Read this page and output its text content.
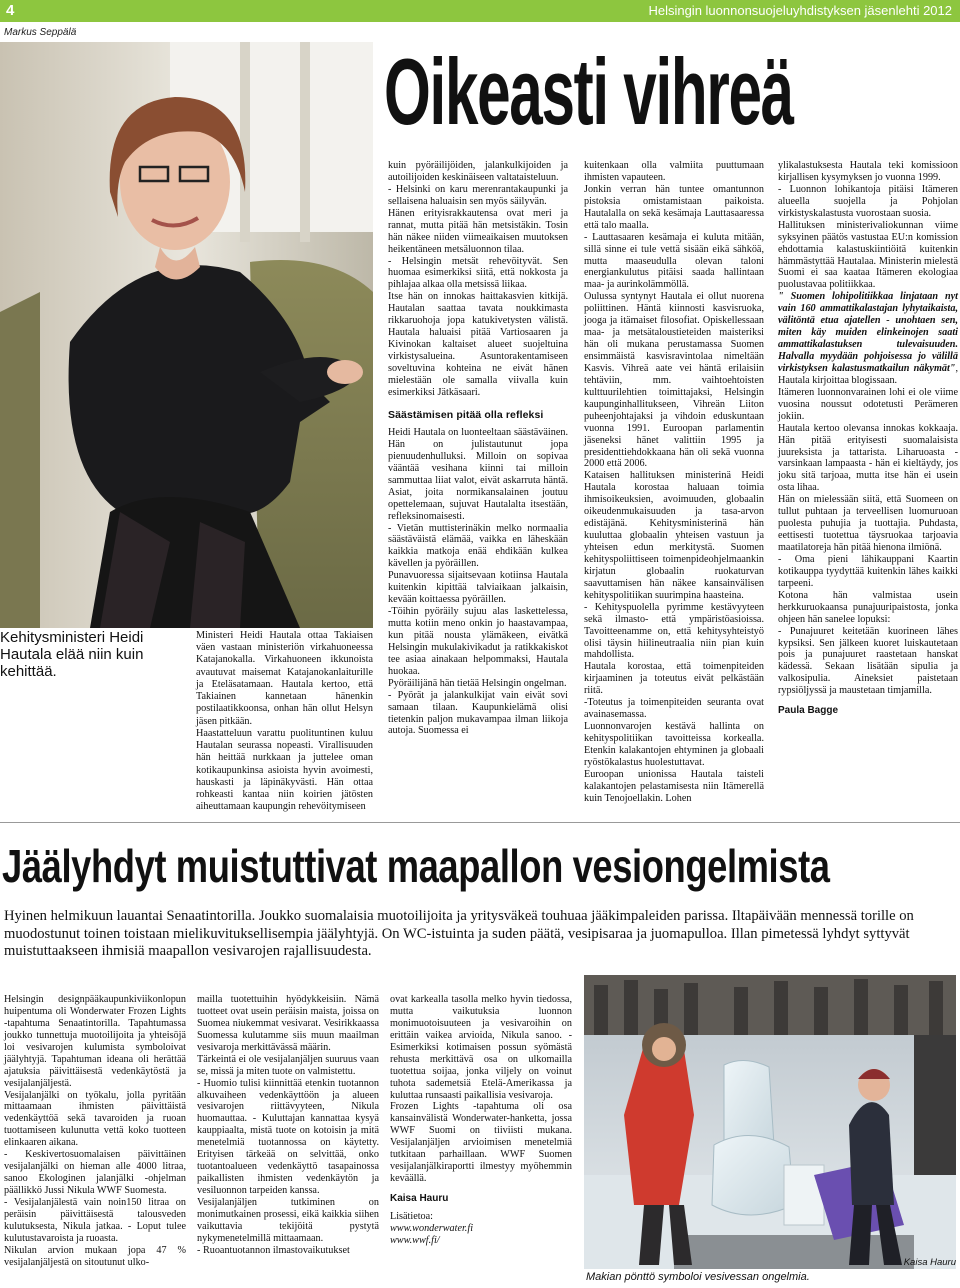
4	Helsingin luonnonsuojeluyhdistyksen jäsenlehti 2012
Markus Seppälä
Kehitysministeri Heidi Hautala elää niin kuin kehittää.
Ministeri Heidi Hautala ottaa Takiaisen väen vastaan ministeriön virkahuoneessa Katajanokalla. Virkahuoneen ikkunoista avautuvat maisemat Katajanokanlaiturille ja Eteläsatamaan. Hautala kertoo, että Takiainen kannetaan hänenkin postilaatikkoonsa, onhan hän ollut Helsyn jäsen pitkään.
Haastatteluun varattu puolituntinen kuluu Hautalan seurassa nopeasti. Virallisuuden hän heittää nurkkaan ja juttelee oman kotikaupunkinsa asioista hyvin avoimesti, hauskasti ja läpinäkyvästi. Hän ottaa rohkeasti kantaa niin koirien jätösten aiheuttamaan kaupungin rehevöitymiseen
Oikeasti vihreä

kuin pyöräilijöiden, jalankulkijoiden ja autoilijoiden keskinäiseen valtataisteluun.

- Helsinki on karu merenrantakaupunki ja sellaisena haluaisin sen myös säilyvän.

Hänen erityisrakkautensa ovat meri ja rannat, mutta pitää hän metsistäkin. Tosin hän näkee niiden viimeaikaisen muutoksen heikentäneen metsäluonnon tilaa.

- Helsingin metsät rehevöityvät. Sen huomaa esimerkiksi siitä, että nokkosta ja pihlajaa alkaa olla metsissä liikaa.

Itse hän on innokas haittakasvien kitkijä. Hautalan saattaa tavata noukkimasta rikkaruohoja jopa katukivetysten välistä. Hautala haluaisi pitää Vartiosaaren ja Kivinokan kaltaiset alueet suojeltuina virkistysalueina. Asuntorakentamiseen soveltuvina kohteina ne eivät hänen mielestään ole samalla viivalla kuin esimerkiksi Jätkäsaari.

Säästämisen pitää olla refleksi

Heidi Hautala on luonteeltaan säästäväinen. Hän on julistautunut jopa pienuudenhulluksi. Milloin on sopivaa vääntää vesihana kiinni tai milloin sammuttaa liiat valot, eivät askarruta häntä. Asiat, joita normikansalainen joutuu opettelemaan, sujuvat Hautalalta itsestään, refleksinomaisesti.

- Vietän muttisterinäkin melko normaalia säästäväistä elämää, vaikka en läheskään kaikkia matkoja enää ehdikään kulkea kävellen ja pyöräillen.

Punavuoressa sijaitsevaan kotiinsa Hautala kuitenkin kipittää talviaikaan jalkaisin, kevään koittaessa pyöräillen.

-Töihin pyöräily sujuu alas laskettelessa, mutta kotiin meno onkin jo haastavampaa, kun pitää nousta ylämäkeen, eivätkä Helsingin mukulakivikadut ja ratikkakiskot tee asiaa ainakaan helpommaksi, Hautala huokaa.

Pyöräilijänä hän tietää Helsingin ongelman.

- Pyörät ja jalankulkijat vain eivät sovi samaan tilaan. Kaupunkielämä olisi tietenkin paljon mukavampaa ilman liikoja autoja. Suomessa ei

kuitenkaan olla valmiita puuttumaan ihmisten vapauteen.

Jonkin verran hän tuntee omantunnon pistoksia omistamistaan paikoista. Hautalalla on sekä kesämaja Lauttasaaressa että talo maalla.

- Lauttasaaren kesämaja ei kuluta mitään, sillä sinne ei tule vettä sisään eikä sähköä, mutta maaseudulla olevan taloni energiankulutus pitäisi saada hallintaan maa- ja aurinkolämmöllä.

Oulussa syntynyt Hautala ei ollut nuorena poliittinen. Häntä kiinnosti kasvisruoka, jooga ja itämaiset filosofiat. Opiskellessaan maa- ja metsätaloustieteiden maisteriksi hän oli mukana perustamassa Suomen ensimmäistä kasvisravintolaa nimeltään Kasvis. Vihreä aate vei häntä erilaisiin tehtäviin, mm. vaihtoehtoisten kulttuurilehtien toimittajaksi, Helsingin kaupunginhallitukseen, Vihreän Liiton puheenjohtajaksi ja vihdoin eduskuntaan vuonna 1991. Euroopan parlamentin jäseneksi hänet valittiin 1995 ja presidenttiehdokkaana hän oli sekä vuonna 2000 että 2006.

Kataisen hallituksen ministerinä Heidi Hautala korostaa haluaan toimia ihmisoikeuksien, avoimuuden, globaalin oikeudenmukaisuuden ja tasa-arvon edistäjänä. Kehitysministerinä hän kuuluttaa globaalin yhteisen vastuun ja yhteisen edun merkitystä. Suomen kehityspoliittiseen toimenpideohjelmaankin kirjatun globaalin ruokaturvan saavuttamisen hän näkee kansainvälisen kehityspolitiikan suurimpina haasteina.

- Kehityspuolella pyrimme kestävyyteen sekä ilmasto- että ympäristöasioissa. Tavoitteenamme on, että kehitysyhteistyö olisi täysin hiilineutraalia niin pian kuin mahdollista.

Hautala korostaa, että toimenpiteiden kirjaaminen ja toteutus eivät pelkästään riitä.

-Toteutus ja toimenpiteiden seuranta ovat avainasemassa.

Luonnonvarojen kestävä hallinta on kehityspolitiikan tavoitteissa korkealla. Etenkin kalakantojen ehtyminen ja globaali ryöstökalastus huolestuttavat.

Euroopan unionissa Hautala taisteli kalakantojen pelastamisesta niin Itämerellä kuin Tenojoellakin. Lohen

ylikalastuksesta Hautala teki komissioon kirjallisen kysymyksen jo vuonna 1999.

- Luonnon lohikantoja pitäisi Itämeren alueella suojella ja Pohjolan virkistyskalastusta vuorostaan suosia.

Hallituksen ministerivaliokunnan viime syksyinen päätös vastustaa EU:n komission ehdottamia kalastuskiintiöitä kuitenkin hämmästyttää Hautalaa. Ministerin mielestä Suomi ei saa kaataa Itämeren ekologiaa puolustavaa politiikkaa.

" Suomen lohipolitiikkaa linjataan nyt vain 160 ammattikalastajan lyhytaikaista, välitöntä etua ajatellen - unohtaen sen, miten käy muiden elinkeinojen saati ammattikalastuksen tulevaisuuden. Halvalla myydään pohjoisessa jo välillä virkistyksen kalastusmatkailun näkymät", Hautala kirjoittaa blogissaan.

Itämeren luonnonvarainen lohi ei ole viime vuosina noussut odotetusti Perämeren jokiin.

Hautala kertoo olevansa innokas kokkaaja. Hän pitää erityisesti suomalaisista juureksista ja tattarista. Liharuoasta - varsinkaan lampaasta - hän ei kieltäydy, jos joku sitä tarjoaa, mutta itse hän ei usein osta lihaa.

Hän on mielessään siitä, että Suomeen on tullut puhtaan ja terveellisen luomuruoan puolesta puhujia ja tuottajia. Puhdasta, eettisesti tuotettua täysruokaa tarjoavia maatilatoreja hän pitää hienona ilmiönä.

- Oma pieni lähikauppani Kaartin kotikauppa tyydyttää kuitenkin lähes kaikki tarpeeni.

Kotona hän valmistaa usein herkkuruokaansa punajuuripaistosta, jonka ohjeen hän sanelee lopuksi:

- Punajuuret keitetään kuorineen lähes kypsiksi. Sen jälkeen kuoret luiskautetaan pois ja punajuuret raastetaan hanskat kädessä. Sekaan lisätään sipulia ja valkosipulia. Aineksiet paistetaan rypsiöljyssä ja maustetaan timjamilla.

Paula Bagge
Jäälyhdyt muistuttivat maapallon vesiongelmista
Hyinen helmikuun lauantai Senaatintorilla. Joukko suomalaisia muotoilijoita ja yritysväkeä touhuaa jääkimpaleiden parissa. Iltapäivään mennessä torille on muodostunut toinen toistaan mielikuvituksellisempia jäälyhtyjä. On WC-istuinta ja suden päätä, vesipisaraa ja juomapulloa. Illan pimetessä lyhdyt syttyvät muistuttaakseen ihmisiä maapallon vesivarojen rajallisuudesta.

Helsingin designpääkaupunkiviikonlopun huipentuma oli Wonderwater Frozen Lights -tapahtuma Senaatintorilla. Tapahtumassa joukko tunnettuja muotoilijoita ja yhteisöjä loi vesivarojen kulumista symboloivat jäälyhtyjä. Tapahtuman ideana oli herättää ajatuksia päivittäisestä vedenkäytöstä ja vesijalanjäljestä.

Vesijalanjälki on työkalu, jolla pyritään mittaamaan ihmisten päivittäistä vedenkäyttöä sekä tavaroiden ja ruoan tuottamiseen kulunutta vettä koko tuotteen elinkaaren aikana.

- Keskivertosuomalaisen päivittäinen vesijalanjälki on hieman alle 4000 litraa, sanoo Ekologinen jalanjälki -ohjelman päällikkö Jussi Nikula WWF Suomesta.

- Vesijalanjälestä vain noin150 litraa on peräisin päivittäisestä talousveden kulutuksesta, Nikula jatkaa. - Loput tulee kulutustavaroista ja ruoasta.

Nikulan arvion mukaan jopa 47 % vesijalanjäljestä on sitoutunut ulko-

mailla tuotettuihin hyödykkeisiin. Nämä tuotteet ovat usein peräisin maista, joissa on Suomea niukemmat vesivarat. Vesirikkaassa Suomessa kulutamme siis muun maailman vesivaroja merkittävässä määrin.

Tärkeintä ei ole vesijalanjäljen suuruus vaan se, missä ja miten tuote on valmistettu.

- Huomio tulisi kiinnittää etenkin tuotannon alkuvaiheen vedenkäyttöön ja alueen vesivarojen riittävyyteen, Nikula huomauttaa. - Kuluttajan kannattaa kysyä kauppiaalta, mistä tuote on kotoisin ja mitä menetelmiä tuotannossa on käytetty. Erityisen tärkeää on selvittää, onko tuotantoalueen vedenkäyttö tasapainossa paikallisten ihmisten vedenkäytön ja vesiluonnon tarpeiden kanssa.

Vesijalanjäljen tutkiminen on monimutkainen prosessi, eikä kaikkia siihen vaikuttavia tekijöitä pystytä nykymenetelmillä mittaamaan.

- Ruoantuotannon ilmastovaikutukset

ovat karkealla tasolla melko hyvin tiedossa, mutta vaikutuksia luonnon monimuotoisuuteen ja vesivaroihin on erittäin vaikea arvioida, Nikula sanoo. - Esimerkiksi kotimaisen possun syömästä rehusta merkittävä osa on ulkomailla tuotettua soijaa, jonka viljely on voinut tuhota sademetsiä Etelä-Amerikassa ja kuluttaa runsaasti paikallisia vesivaroja.

Frozen Lights -tapahtuma oli osa kansainvälistä Wonderwater-hanketta, jossa WWF Suomi on tiiviisti mukana. Vesijalanjäljen arvioimisen menetelmiä tutkitaan parhaillaan. WWF Suomen vesijalanjälkiraportti ilmestyy myöhemmin keväällä.

Kaisa Hauru

Lisätietoa:

www.wonderwater.fi

www.wwf.fi/

Kaisa Hauru
Makian pönttö symboloi vesivessan ongelmia.
